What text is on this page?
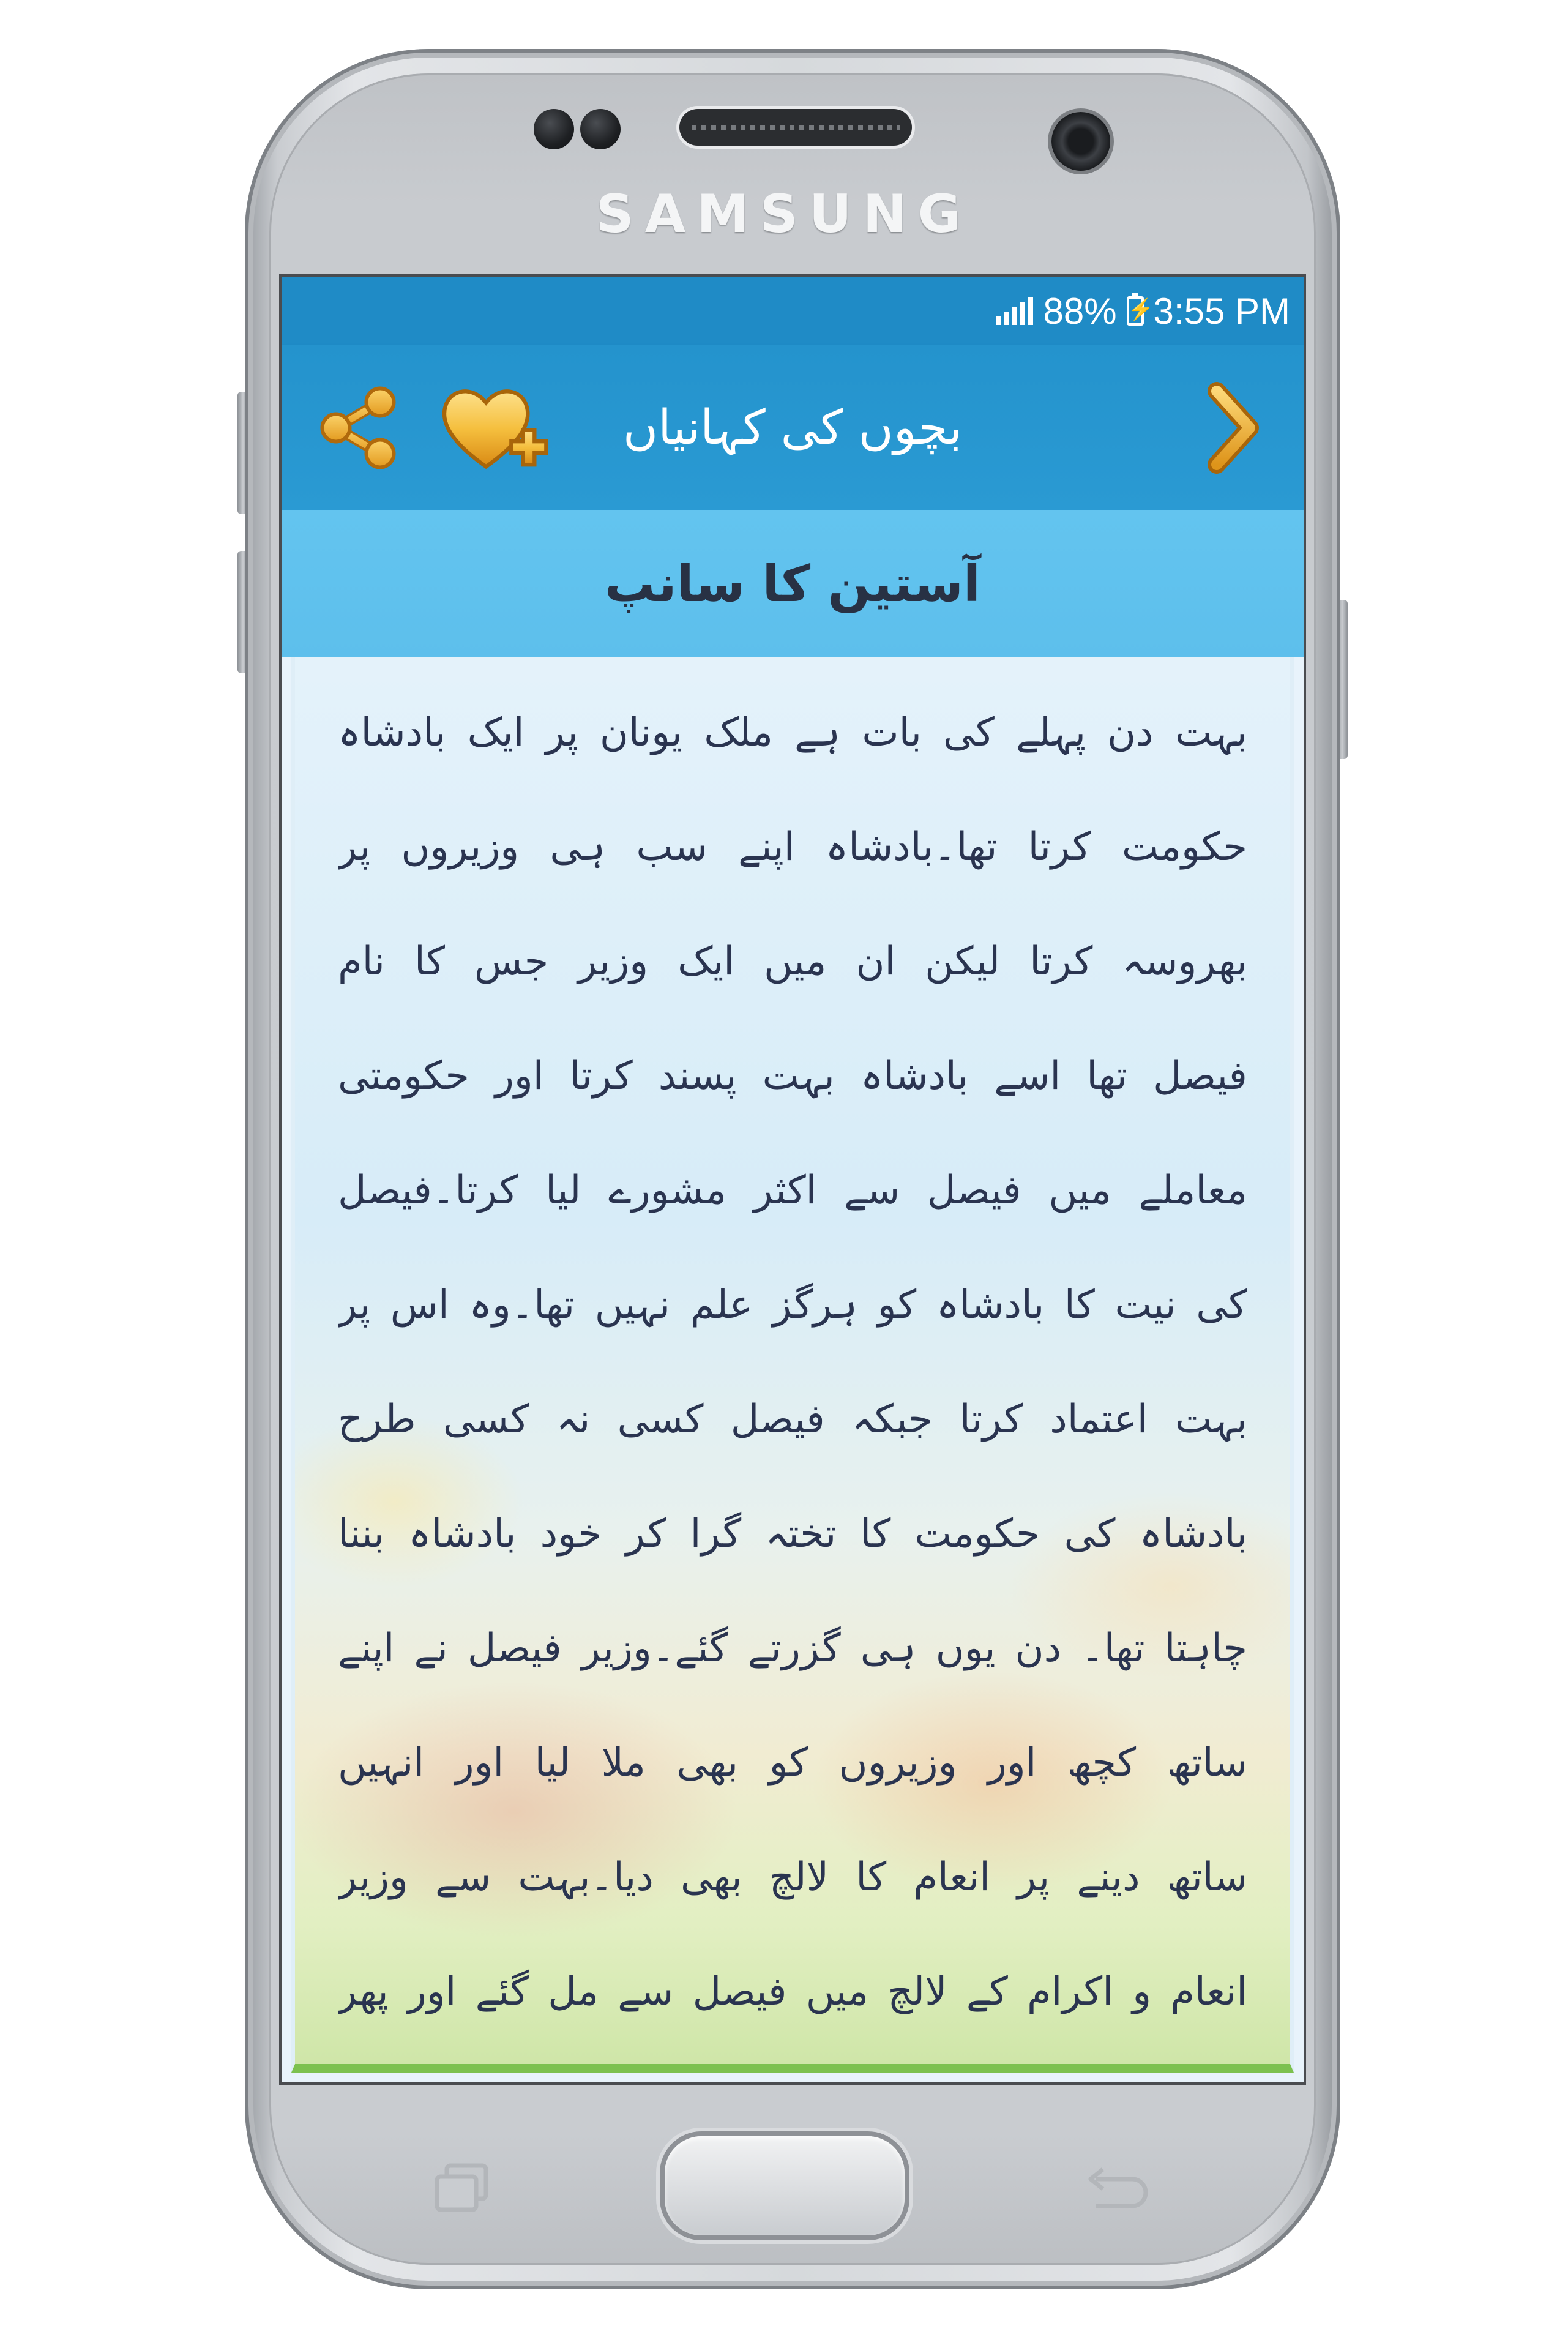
SAMSUNG
88%
⚡ 3:55 PM
بچوں کی کہانیاں
آستین کا سانپ
بہت دن پہلے کی بات ہے ملک یونان پر ایک بادشاہ
حکومت کرتا تھا۔بادشاہ اپنے سب ہی وزیروں پر
بھروسہ کرتا لیکن ان میں ایک وزیر جس کا نام
فیصل تھا اسے بادشاہ بہت پسند کرتا اور حکومتی
معاملے میں فیصل سے اکثر مشورے لیا کرتا۔فیصل
کی نیت کا بادشاہ کو ہرگز علم نہیں تھا۔وہ اس پر
بہت اعتماد کرتا جبکہ فیصل کسی نہ کسی طرح
بادشاہ کی حکومت کا تختہ گرا کر خود بادشاہ بننا
چاہتا تھا۔ دن یوں ہی گزرتے گئے۔وزیر فیصل نے اپنے
ساتھ کچھ اور وزیروں کو بھی ملا لیا اور انہیں
ساتھ دینے پر انعام کا لالچ بھی دیا۔بہت سے وزیر
انعام و اکرام کے لالچ میں فیصل سے مل گئے اور پھر
